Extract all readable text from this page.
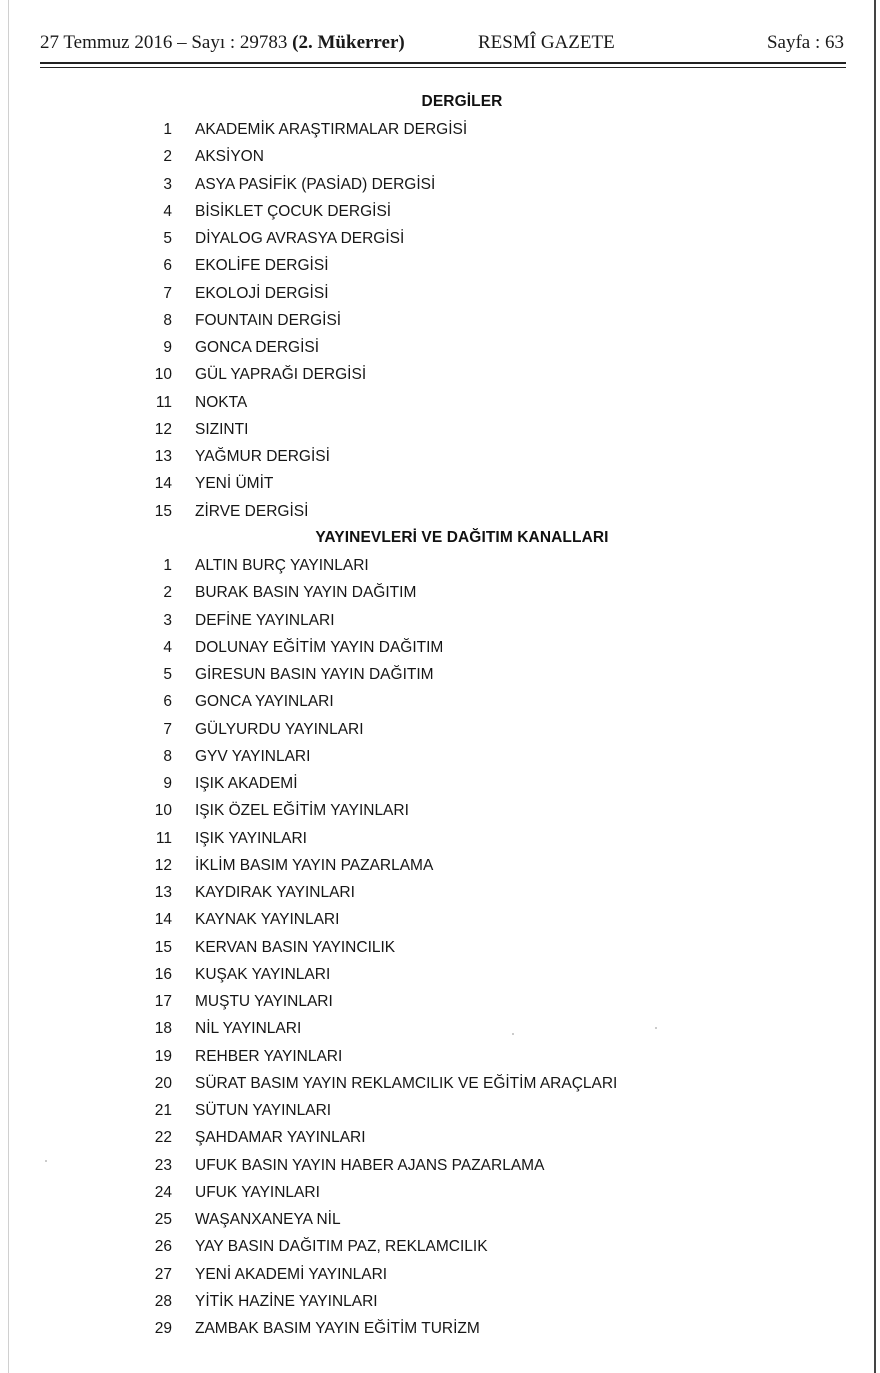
27 Temmuz 2016 – Sayı : 29783 (2. Mükerrer)	RESMÎ GAZETE	Sayfa : 63
DERGİLER
1 AKADEMİK ARAŞTIRMALAR DERGİSİ
2 AKSİYON
3 ASYA PASİFİK (PASİAD) DERGİSİ
4 BİSİKLET ÇOCUK DERGİSİ
5 DİYALOG AVRASYA DERGİSİ
6 EKOLİFE DERGİSİ
7 EKOLOJİ DERGİSİ
8 FOUNTAIN DERGİSİ
9 GONCA DERGİSİ
10 GÜL YAPRAĞI DERGİSİ
11 NOKTA
12 SIZINTI
13 YAĞMUR DERGİSİ
14 YENİ ÜMİT
15 ZİRVE DERGİSİ
YAYINEVLERİ VE DAĞITIM KANALLARI
1 ALTIN BURÇ YAYINLARI
2 BURAK BASIN YAYIN DAĞITIM
3 DEFİNE YAYINLARI
4 DOLUNAY EĞİTİM YAYIN DAĞITIM
5 GİRESUN BASIN YAYIN DAĞITIM
6 GONCA YAYINLARI
7 GÜLYURDU YAYINLARI
8 GYV YAYINLARI
9 IŞIK AKADEMİ
10 IŞIK ÖZEL EĞİTİM YAYINLARI
11 IŞIK YAYINLARI
12 İKLİM BASIM YAYIN PAZARLAMA
13 KAYDIRAK YAYINLARI
14 KAYNAK YAYINLARI
15 KERVAN BASIN YAYINCILIK
16 KUŞAK YAYINLARI
17 MUŞTU YAYINLARI
18 NİL YAYINLARI
19 REHBER YAYINLARI
20 SÜRAT BASIM YAYIN REKLAMCILIK VE EĞİTİM ARAÇLARI
21 SÜTUN YAYINLARI
22 ŞAHDAMAR YAYINLARI
23 UFUK BASIN YAYIN HABER AJANS PAZARLAMA
24 UFUK YAYINLARI
25 WAŞANXANEYA NİL
26 YAY BASIN DAĞITIM PAZ, REKLAMCILIK
27 YENİ AKADEMİ YAYINLARI
28 YİTİK HAZİNE YAYINLARI
29 ZAMBAK BASIM YAYIN EĞİTİM TURİZM
